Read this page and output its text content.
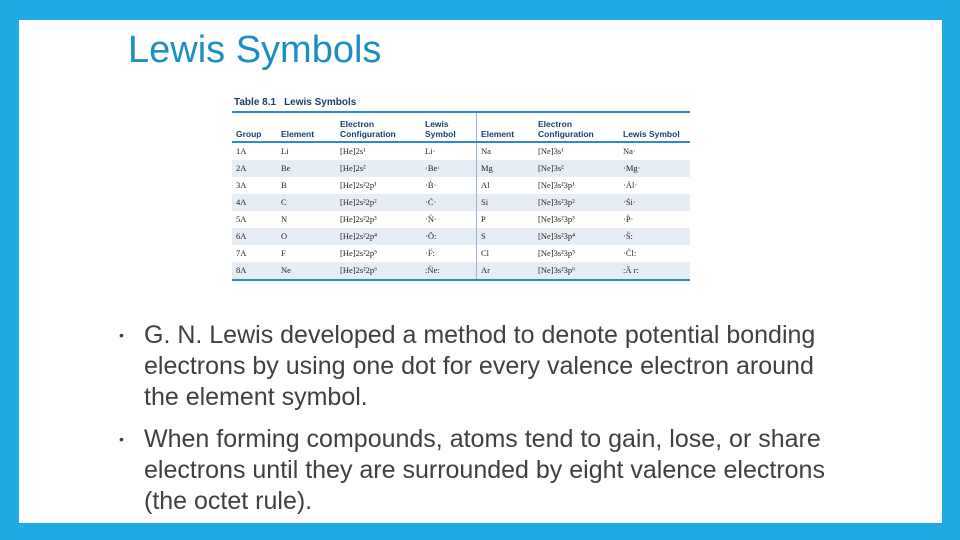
Lewis Symbols
Table 8.1 Lewis Symbols
Group	Element	Electron Configuration	Lewis Symbol	Element	Electron Configuration	Lewis Symbol
1A	Li	[He]2s¹	Li·	Na	[Ne]3s¹	Na·
2A	Be	[He]2s²	·Be·	Mg	[Ne]3s²	·Mg·
3A	B	[He]2s²2p¹	·Ḃ·	Al	[Ne]3s²3p¹	·Ȧl·
4A	C	[He]2s²2p²	·Ċ·	Si	[Ne]3s²3p²	·Ṡi·
5A	N	[He]2s²2p³	·N̈·	P	[Ne]3s²3p³	·P̈·
6A	O	[He]2s²2p⁴	·Ö:	S	[Ne]3s²3p⁴	·S̈:
7A	F	[He]2s²2p⁵	·F̈:	Cl	[Ne]3s²3p⁵	·C̈l:
8A	Ne	[He]2s²2p⁶	:N̈e:	Ar	[Ne]3s²3p⁶	:Ä r:
• G. N. Lewis developed a method to denote potential bonding electrons by using one dot for every valence electron around the element symbol.
• When forming compounds, atoms tend to gain, lose, or share electrons until they are surrounded by eight valence electrons (the octet rule).
